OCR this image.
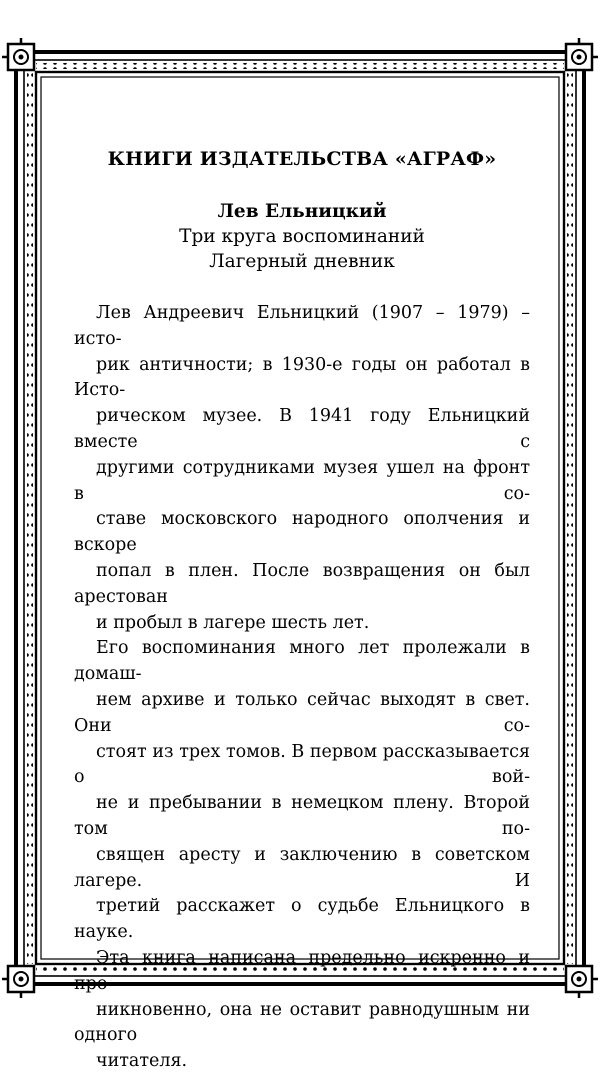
КНИГИ ИЗДАТЕЛЬСТВА «АГРАФ»
Лев Ельницкий
Три круга воспоминаний
Лагерный дневник

Лев Андреевич Ельницкий (1907 – 1979) – исто-
рик античности; в 1930-е годы он работал в Исто-
рическом музее. В 1941 году Ельницкий вместе с
другими сотрудниками музея ушел на фронт в со-
ставе московского народного ополчения и вскоре
попал в плен. После возвращения он был арестован
и пробыл в лагере шесть лет.

Его воспоминания много лет пролежали в домаш-
нем архиве и только сейчас выходят в свет. Они со-
стоят из трех томов. В первом рассказывается о вой-
не и пребывании в немецком плену. Второй том по-
священ аресту и заключению в советском лагере. И
третий расскажет о судьбе Ельницкого в науке.

Эта книга написана предельно искренно и про-
никновенно, она не оставит равнодушным ни одного
читателя.
